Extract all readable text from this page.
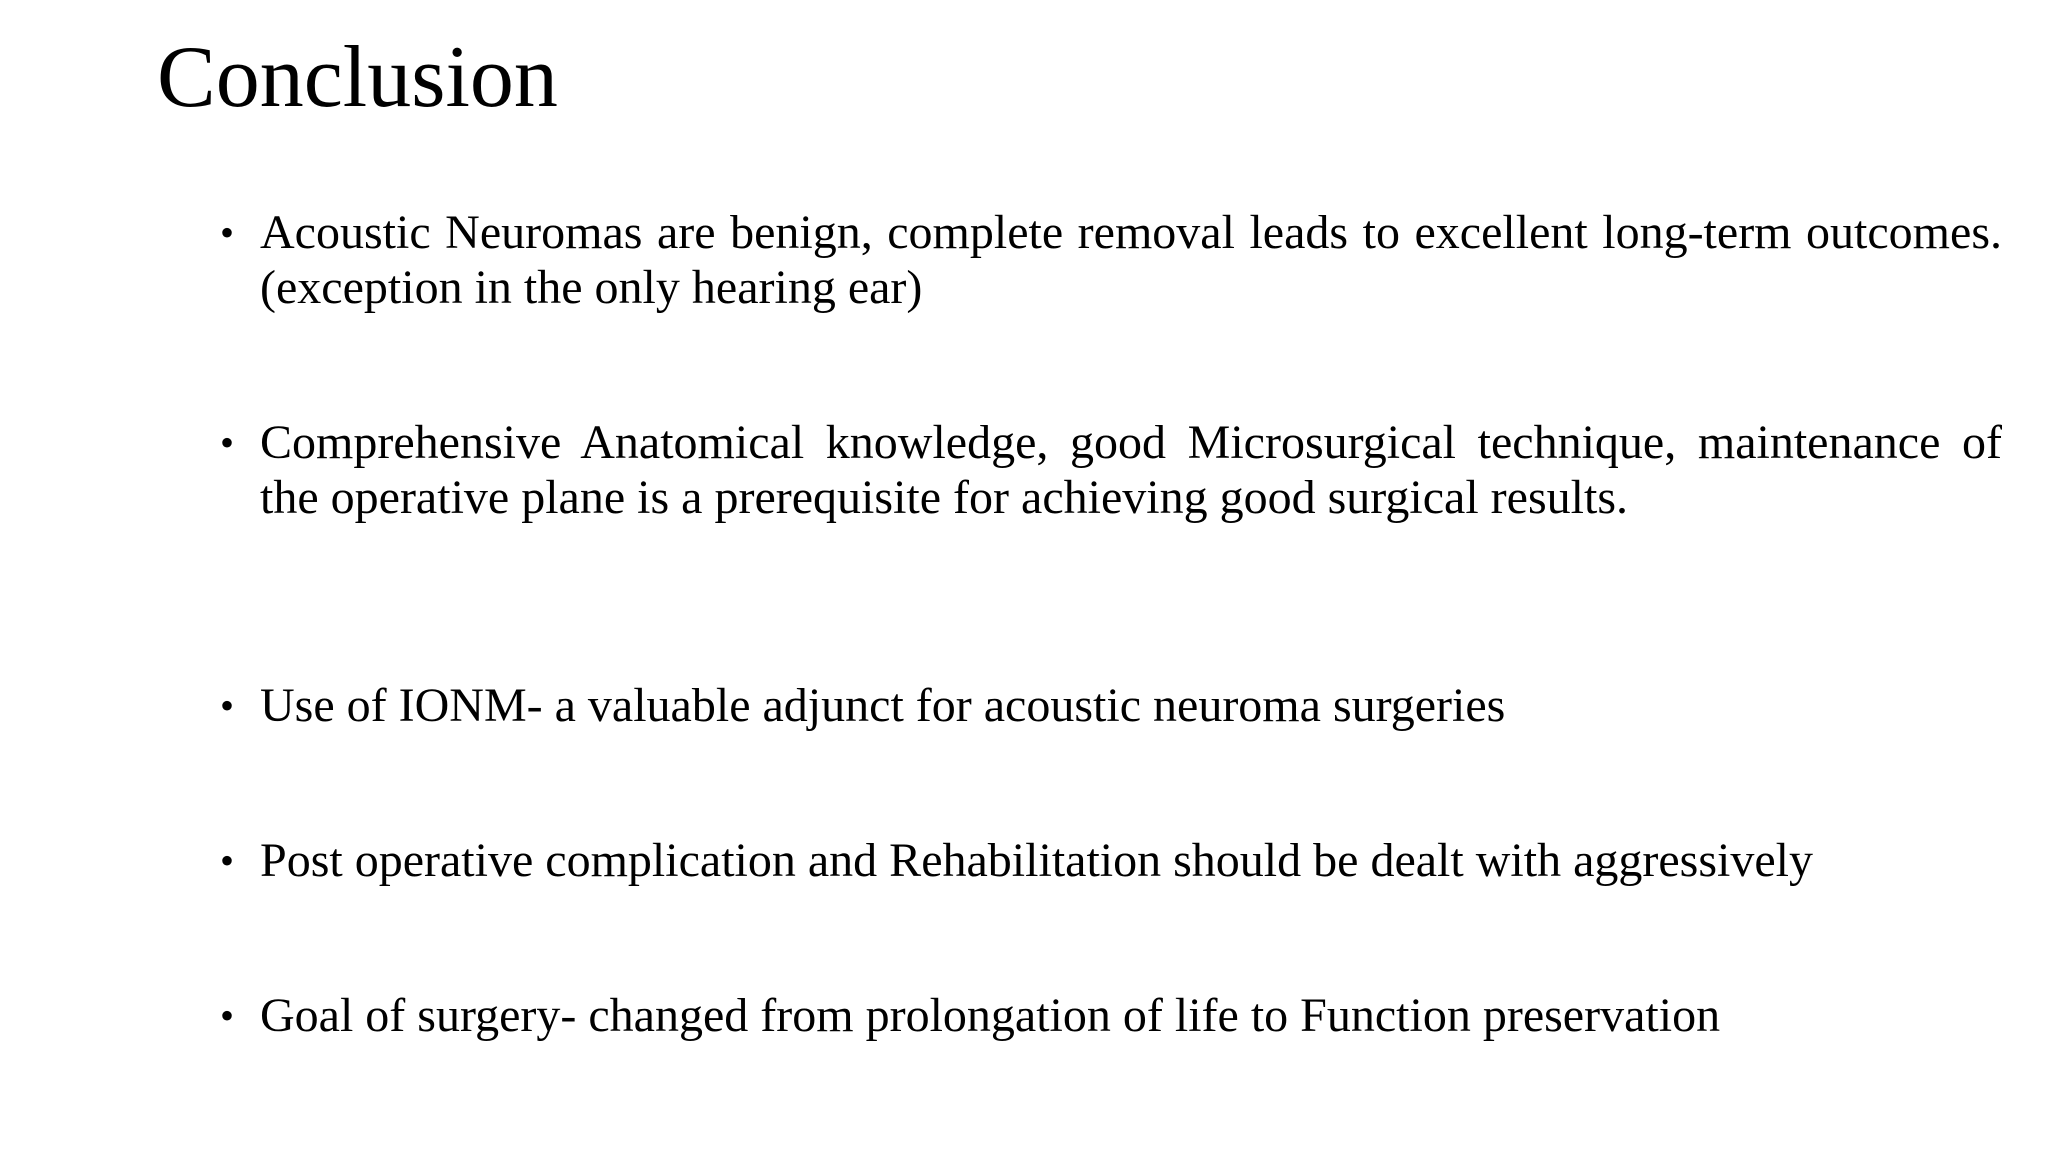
Conclusion
• Acoustic Neuromas are benign, complete removal leads to excellent long-term outcomes. (exception in the only hearing ear)
• Comprehensive Anatomical knowledge, good Microsurgical technique, maintenance of the operative plane is a prerequisite for achieving good surgical results.
• Use of IONM- a valuable adjunct for acoustic neuroma surgeries
• Post operative complication and Rehabilitation should be dealt with aggressively
• Goal of surgery- changed from prolongation of life to Function preservation
